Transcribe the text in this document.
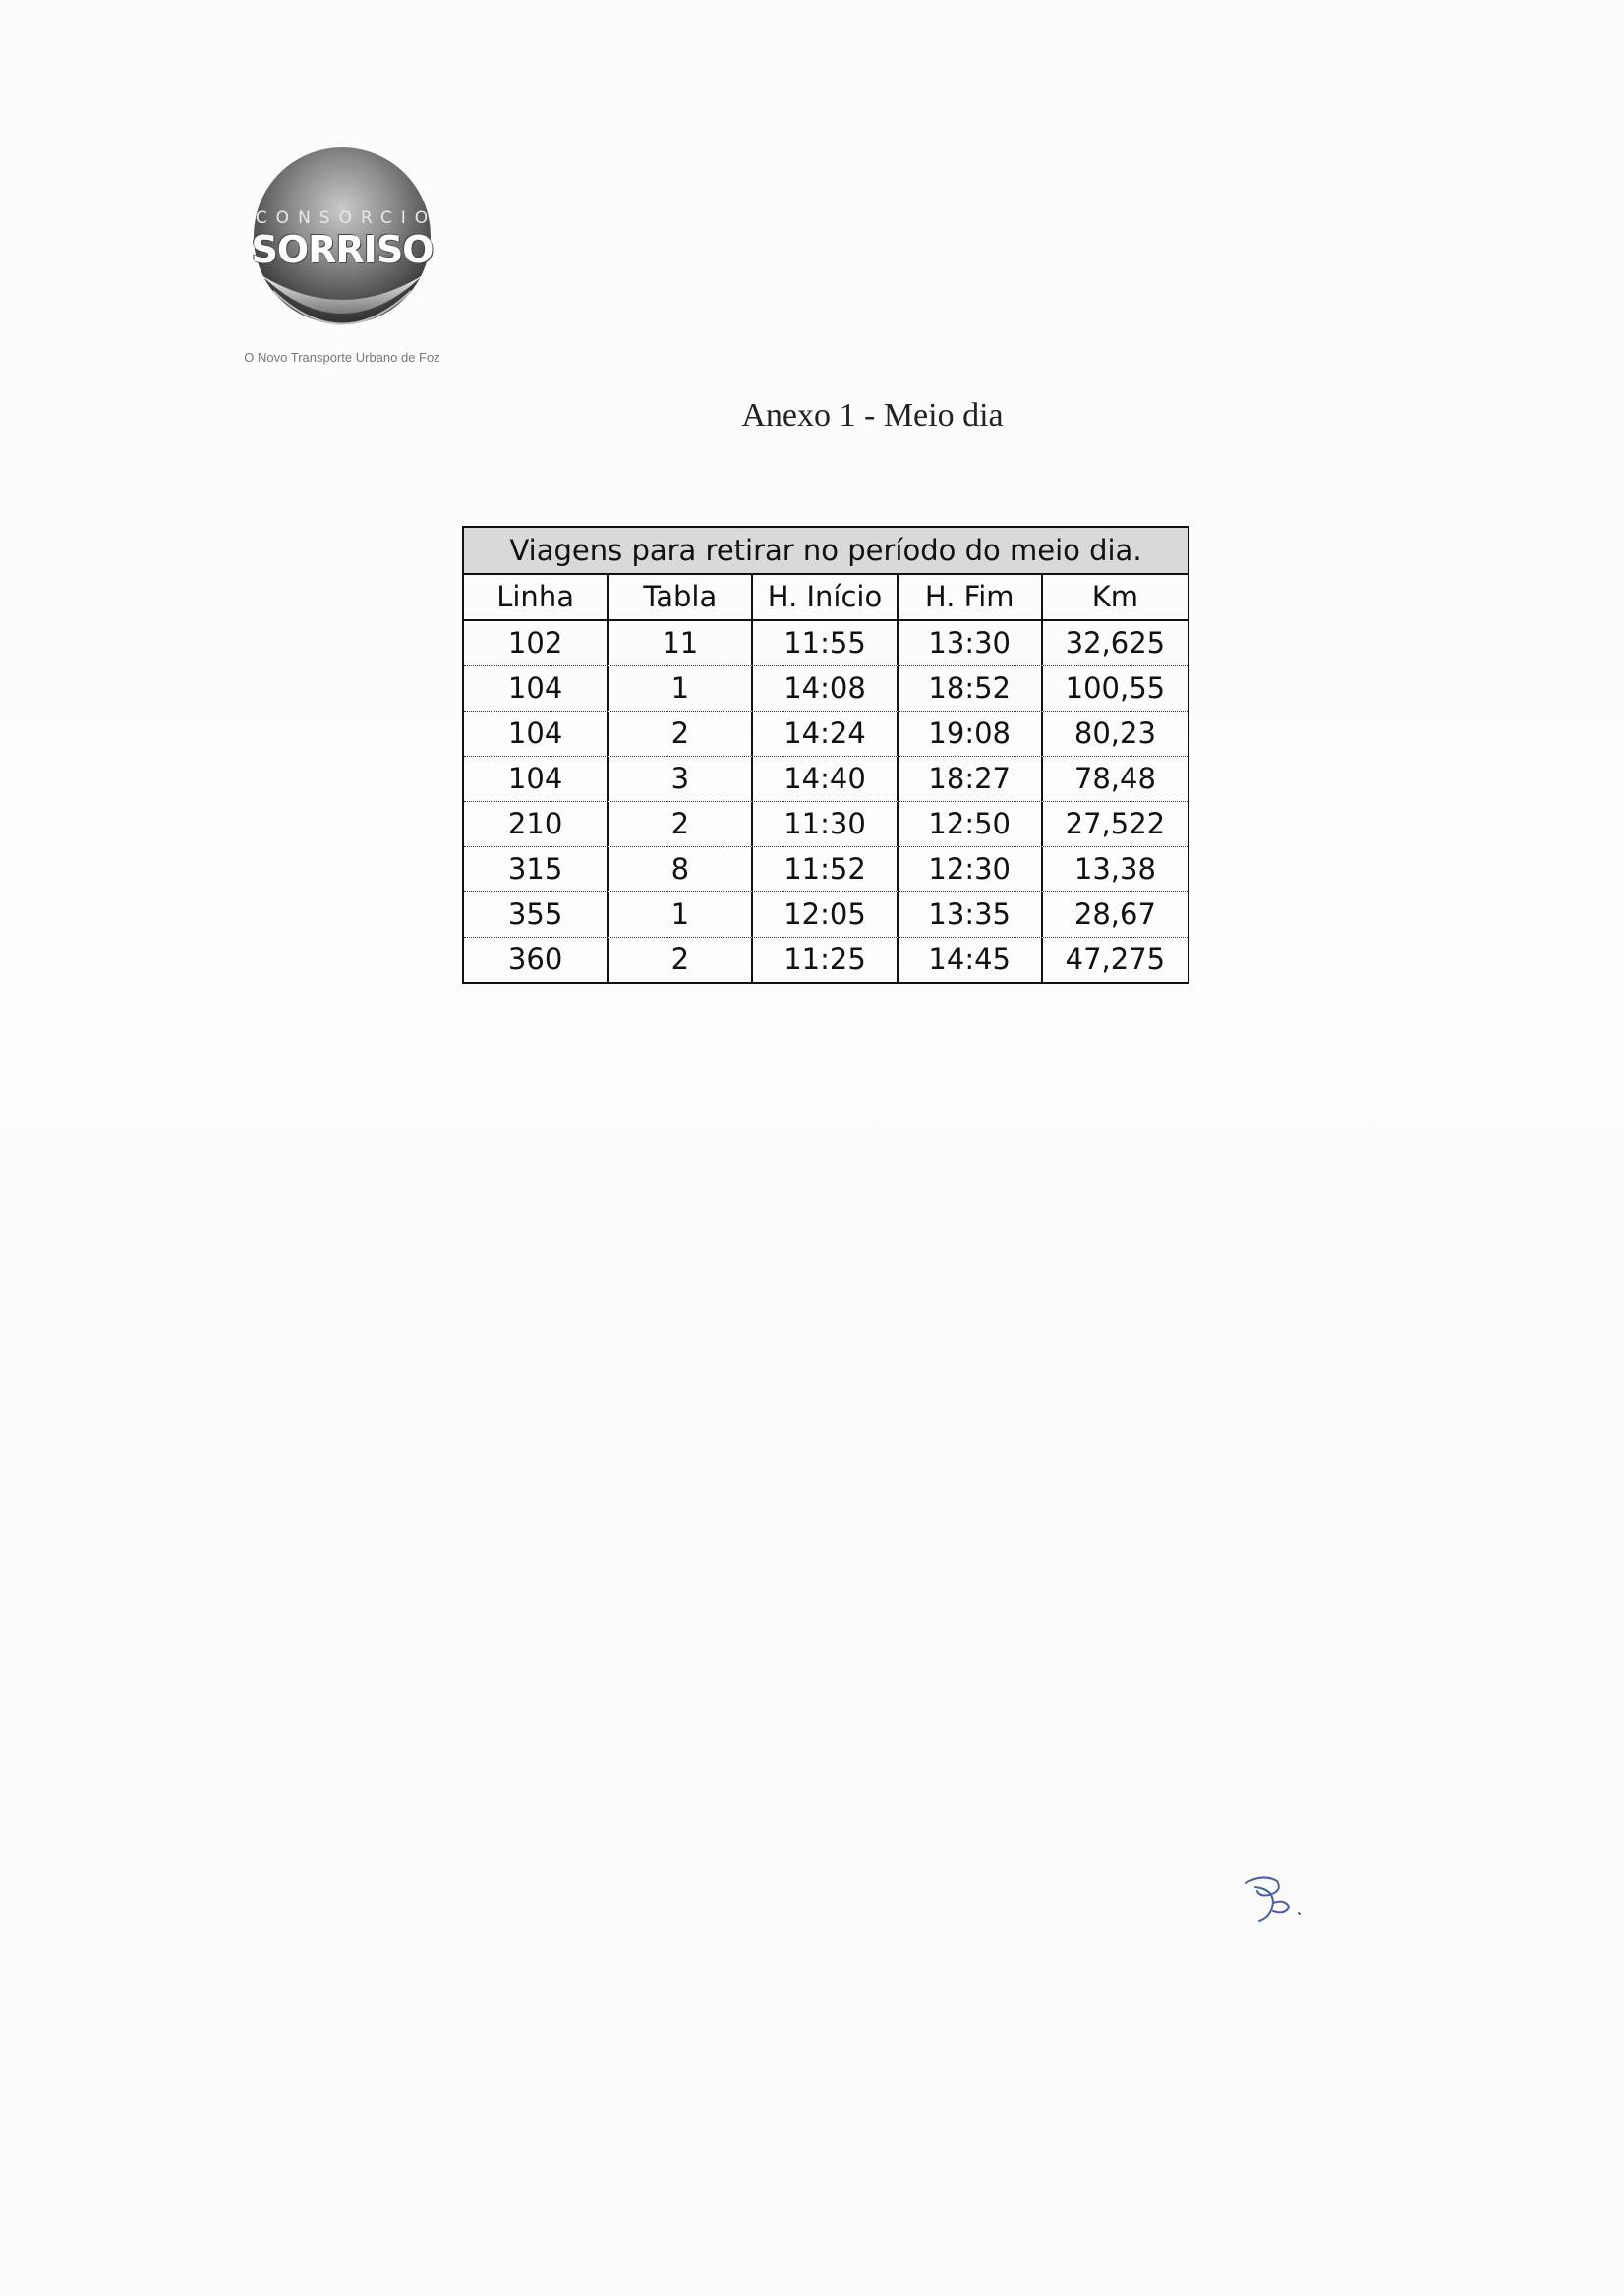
CONSORCIO
SORRISO
O Novo Transporte Urbano de Foz
Anexo 1 - Meio dia
Viagens para retirar no período do meio dia.
Linha	Tabla	H. Início	H. Fim	Km
102	11	11:55	13:30	32,625
104	1	14:08	18:52	100,55
104	2	14:24	19:08	80,23
104	3	14:40	18:27	78,48
210	2	11:30	12:50	27,522
315	8	11:52	12:30	13,38
355	1	12:05	13:35	28,67
360	2	11:25	14:45	47,275
